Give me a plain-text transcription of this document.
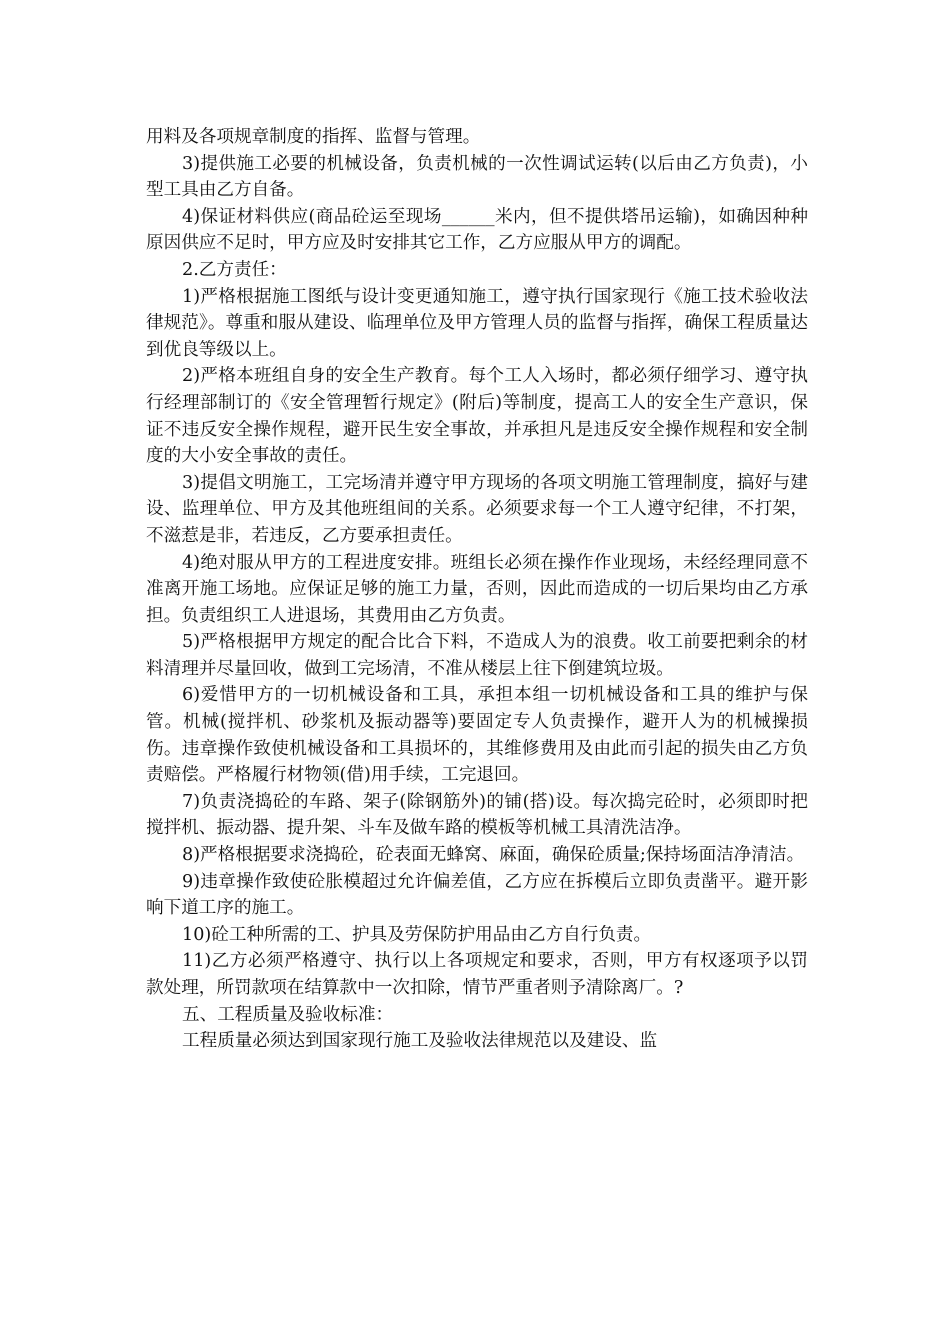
用料及各项规章制度的指挥、监督与管理。

3)提供施工必要的机械设备，负责机械的一次性调试运转(以后由乙方负责)，小型工具由乙方自备。

4)保证材料供应(商品砼运至现场______米内，但不提供塔吊运输)，如确因种种原因供应不足时，甲方应及时安排其它工作，乙方应服从甲方的调配。

2.乙方责任：

1)严格根据施工图纸与设计变更通知施工，遵守执行国家现行《施工技术验收法律规范》。尊重和服从建设、临理单位及甲方管理人员的监督与指挥，确保工程质量达到优良等级以上。

2)严格本班组自身的安全生产教育。每个工人入场时，都必须仔细学习、遵守执行经理部制订的《安全管理暂行规定》(附后)等制度，提高工人的安全生产意识，保证不违反安全操作规程，避开民生安全事故，并承担凡是违反安全操作规程和安全制度的大小安全事故的责任。

3)提倡文明施工，工完场清并遵守甲方现场的各项文明施工管理制度，搞好与建设、监理单位、甲方及其他班组间的关系。必须要求每一个工人遵守纪律，不打架，不滋惹是非，若违反，乙方要承担责任。

4)绝对服从甲方的工程进度安排。班组长必须在操作作业现场，未经经理同意不准离开施工场地。应保证足够的施工力量，否则，因此而造成的一切后果均由乙方承担。负责组织工人进退场，其费用由乙方负责。

5)严格根据甲方规定的配合比合下料，不造成人为的浪费。收工前要把剩余的材料清理并尽量回收，做到工完场清，不准从楼层上往下倒建筑垃圾。

6)爱惜甲方的一切机械设备和工具，承担本组一切机械设备和工具的维护与保管。机械(搅拌机、砂浆机及振动器等)要固定专人负责操作，避开人为的机械操损伤。违章操作致使机械设备和工具损坏的，其维修费用及由此而引起的损失由乙方负责赔偿。严格履行材物领(借)用手续，工完退回。

7)负责浇捣砼的车路、架子(除钢筋外)的铺(搭)设。每次捣完砼时，必须即时把搅拌机、振动器、提升架、斗车及做车路的模板等机械工具清洗洁净。

8)严格根据要求浇捣砼，砼表面无蜂窝、麻面，确保砼质量;保持场面洁净清洁。

9)违章操作致使砼胀模超过允许偏差值，乙方应在拆模后立即负责凿平。避开影响下道工序的施工。

10)砼工种所需的工、护具及劳保防护用品由乙方自行负责。

11)乙方必须严格遵守、执行以上各项规定和要求，否则，甲方有权逐项予以罚款处理，所罚款项在结算款中一次扣除，情节严重者则予清除离厂。?

五、工程质量及验收标准：

工程质量必须达到国家现行施工及验收法律规范以及建设、监
